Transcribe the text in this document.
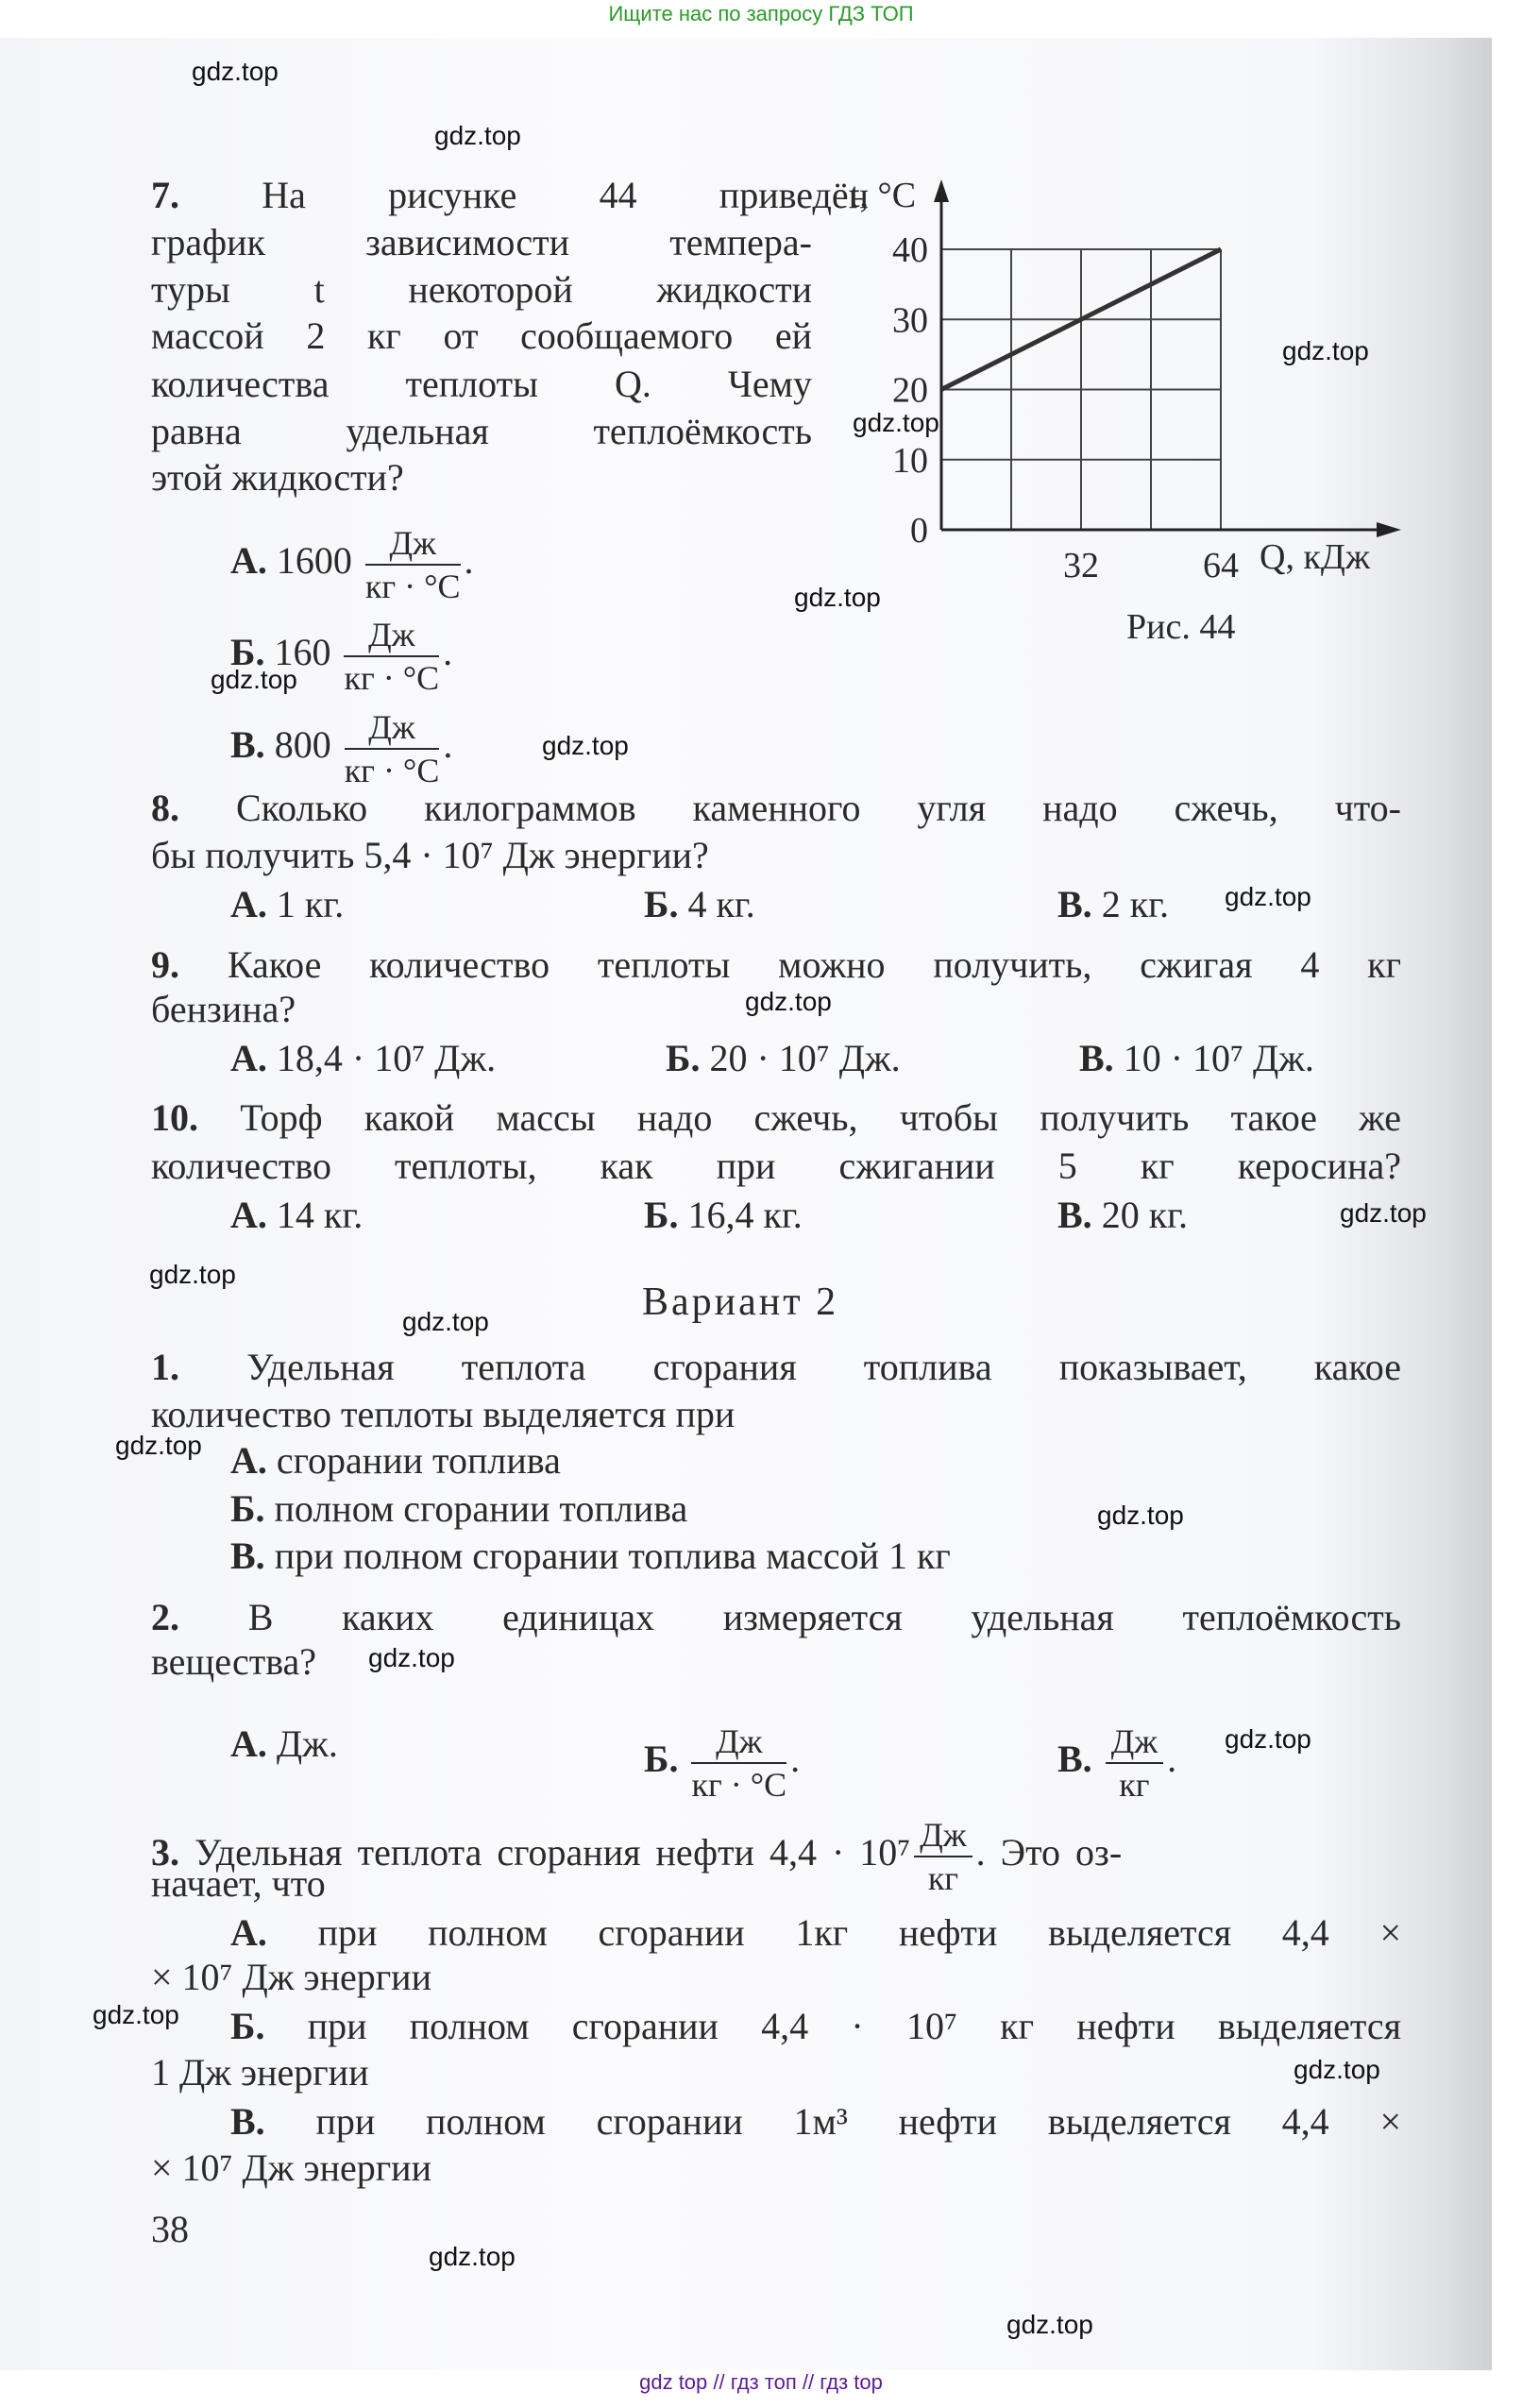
Ищите нас по запросу ГДЗ ТОП
7. На рисунке 44 приведён
график зависимости темпера-
туры t некоторой жидкости
массой 2 кг от сообщаемого ей
количества теплоты Q. Чему
равна удельная теплоёмкость
этой жидкости?
А. 1600	Дж
кг · °С
.
Б. 160	Дж
кг · °С
.
В. 800	Дж
кг · °С
.
0
10
20
30
40
32	64
t, °С
Q, кДж
Рис. 44
8. Сколько килограммов каменного угля надо сжечь, что-
бы получить 5,4 · 10⁷ Дж энергии?
А. 1 кг.	Б. 4 кг.	В. 2 кг.
9. Какое количество теплоты можно получить, сжигая 4 кг
бензина?
А. 18,4 · 10⁷ Дж.	Б. 20 · 10⁷ Дж.	В. 10 · 10⁷ Дж.
10. Торф какой массы надо сжечь, чтобы получить такое же
количество теплоты, как при сжигании 5 кг керосина?
А. 14 кг.	Б. 16,4 кг.	В. 20 кг.
Вариант 2
1. Удельная теплота сгорания топлива показывает, какое
количество теплоты выделяется при
А. сгорании топлива
Б. полном сгорании топлива
В. при полном сгорании топлива массой 1 кг
2. В каких единицах измеряется удельная теплоёмкость
вещества?
А. Дж.	Б.	Дж
кг · °С
.	В. Дж
кг
.
3. Удельная теплота сгорания нефти 4,4 · 10⁷ Дж
кг
. Это оз-
начает, что
А. при полном сгорании 1кг нефти выделяется 4,4 ×
× 10⁷ Дж энергии
Б. при полном сгорании 4,4 · 10⁷ кг нефти выделяется
1 Дж энергии
В. при полном сгорании 1м³ нефти выделяется 4,4 ×
× 10⁷ Дж энергии
38
gdz.top
gdz.top
gdz.top
gdz.top
gdz.top
gdz.top
gdz.top
gdz.top
gdz.top
gdz.top
gdz.top
gdz.top
gdz.top
gdz.top
gdz.top
gdz.top
gdz.top
gdz.top
gdz.top
gdz.top
gdz top // гдз топ // гдз top
